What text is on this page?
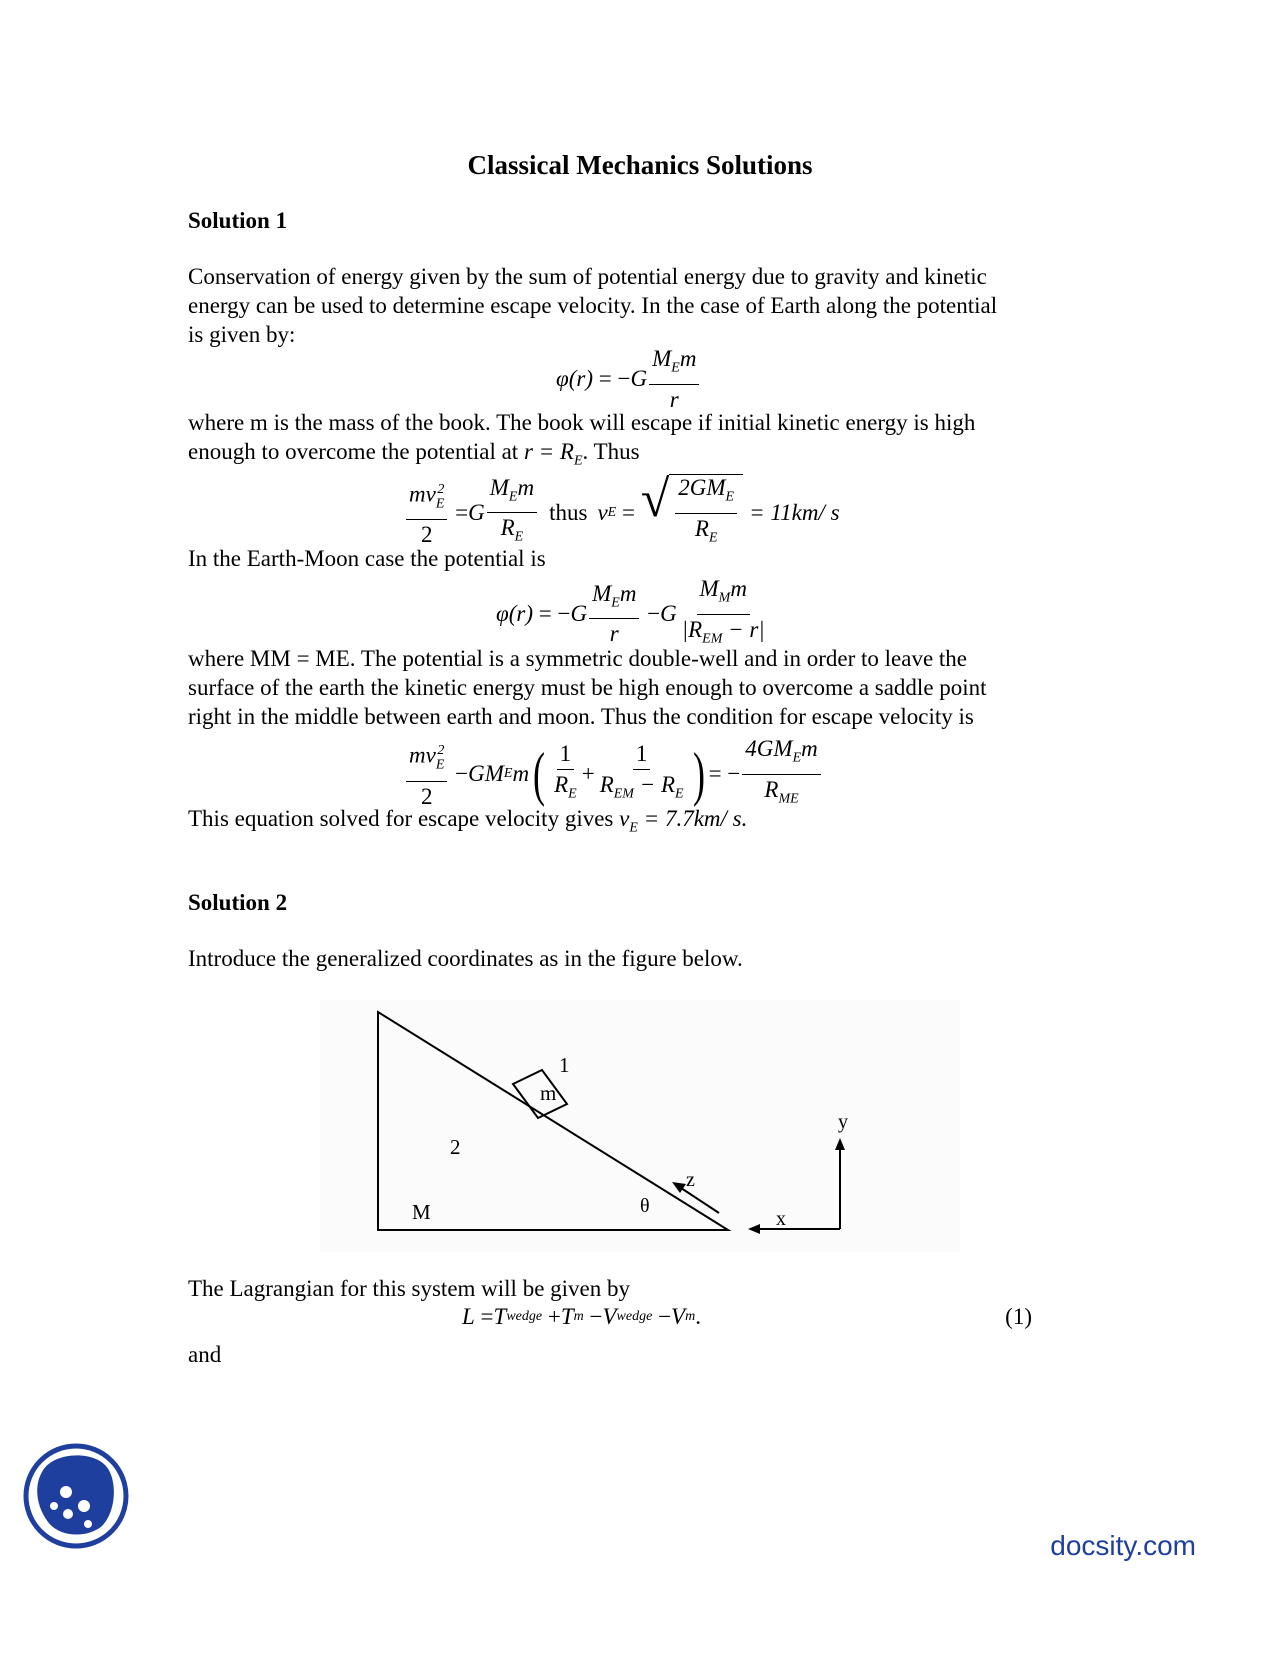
Classical Mechanics Solutions
Solution 1
Conservation of energy given by the sum of potential energy due to gravity and kinetic
energy can be used to determine escape velocity. In the case of Earth along the potential
is given by:
φ(r) = − G $\frac{M_Em}{r}$
where m is the mass of the book. The book will escape if initial kinetic energy is high
enough to overcome the potential at $r = R_E$. Thus
$\frac{mv_E^2}{2} = G \frac{M_Em}{R_E}$ thus v E = √ $\frac{2GM_E}{R_E} = 11km/$ s
In the Earth-Moon case the potential is
φ(r) = − G $\frac{M_Em}{r} - G \frac{M_Mm}{|R_{EM} - r|}$
where MM = ME. The potential is a symmetric double-well and in order to leave the
surface of the earth the kinetic energy must be high enough to overcome a saddle point
right in the middle between earth and moon. Thus the condition for escape velocity is
$\frac{mv_E^2}{2}$ − GM E m ( $\frac{1}{R_E} + \frac{1}{R_{EM} - R_E}$ ) = − $\frac{4GM_Em}{R_{ME}}$
This equation solved for escape velocity gives $v_E = 7.7km/$ s.
Solution 2
Introduce the generalized coordinates as in the figure below.
m
1
2
M	θ
z
y
x
The Lagrangian for this system will be given by
L = T wedge + T m − V wedge − V m .	(1)
and
docsity.com
